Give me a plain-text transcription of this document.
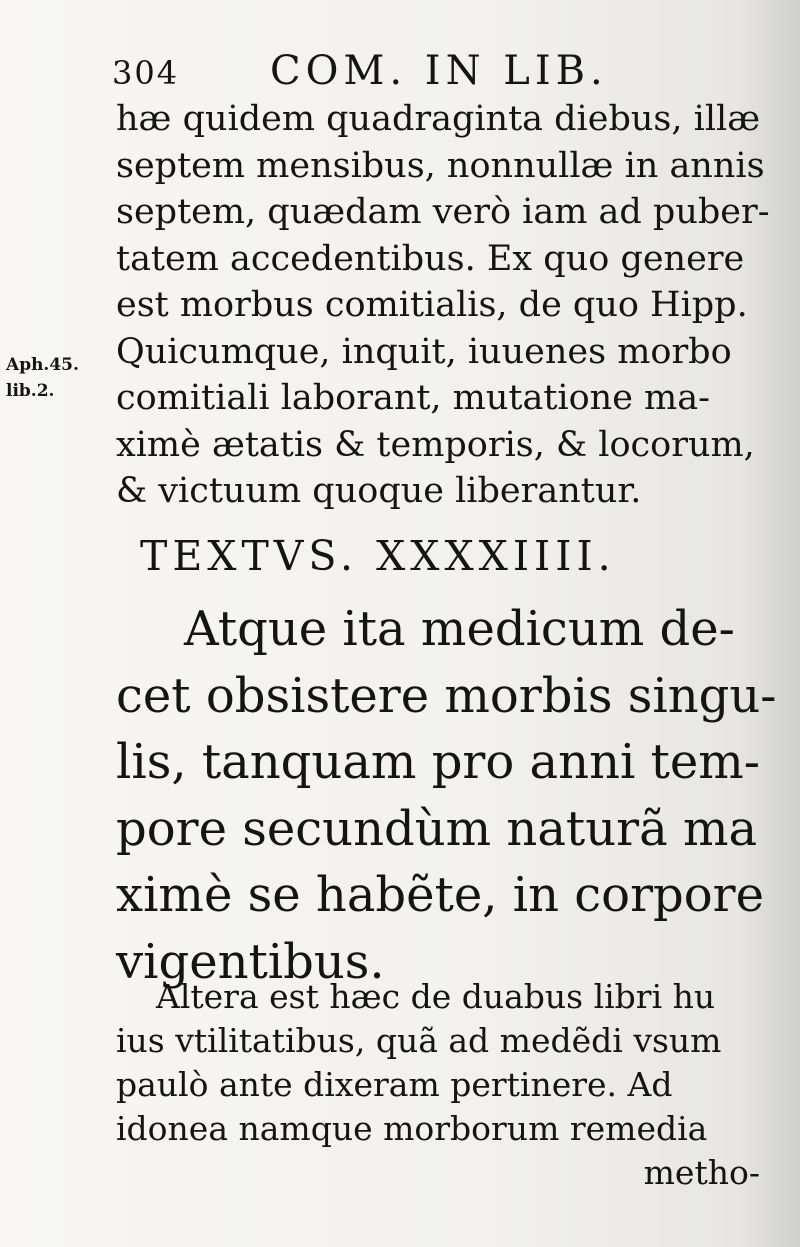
304 COM. IN LIB.
hæ quidem quadraginta diebus, illæ
septem mensibus, nonnullæ in annis
septem, quædam verò iam ad puber-
tatem accedentibus. Ex quo genere
est morbus comitialis, de quo Hipp.
Quicumque, inquit, iuuenes morbo
comitiali laborant, mutatione ma-
ximè ætatis & temporis, & locorum,
& victuum quoque liberantur.
Aph.45.
lib.2.
TEXTVS. XXXXIIII.
Atque ita medicum de-
cet obsistere morbis singu-
lis, tanquam pro anni tem-
pore secundùm naturã ma
ximè se habẽte, in corpore
vigentibus.
Altera est hæc de duabus libri hu
ius vtilitatibus, quã ad medẽdi vsum
paulò ante dixeram pertinere. Ad
idonea namque morborum remedia
metho-
